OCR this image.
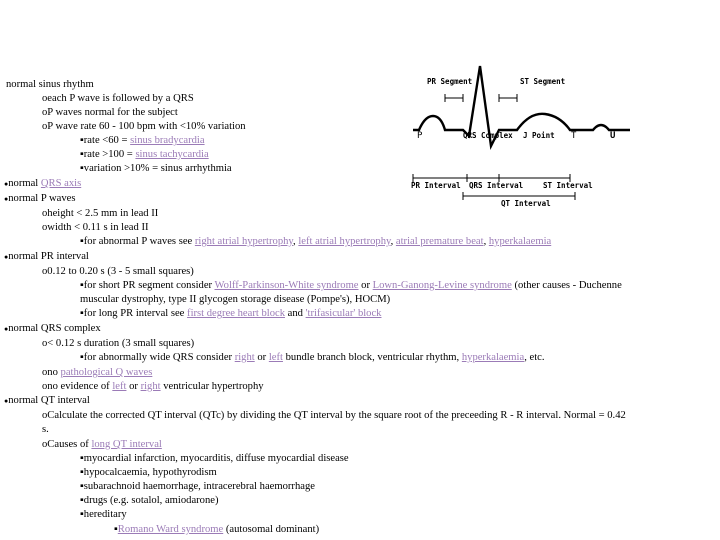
PR Segment	ST Segment
P	QRS Complex J Point T	U
PR Interval QRS Interval	ST Interval
QT Interval
normal sinus rhythm
oeach P wave is followed by a QRS
oP waves normal for the subject
oP wave rate 60 - 100 bpm with <10% variation
▪rate <60 = sinus bradycardia
▪rate >100 = sinus tachycardia
▪variation >10% = sinus arrhythmia
●normal QRS axis
●normal P waves
oheight < 2.5 mm in lead II
owidth < 0.11 s in lead II
▪for abnormal P waves see right atrial hypertrophy, left atrial hypertrophy, atrial premature beat, hyperkalaemia
●normal PR interval
o0.12 to 0.20 s (3 - 5 small squares)
▪for short PR segment consider Wolff-Parkinson-White syndrome or Lown-Ganong-Levine syndrome (other causes - Duchenne
muscular dystrophy, type II glycogen storage disease (Pompe's), HOCM)
▪for long PR interval see first degree heart block and 'trifasicular' block
●normal QRS complex
o< 0.12 s duration (3 small squares)
▪for abnormally wide QRS consider right or left bundle branch block, ventricular rhythm, hyperkalaemia, etc.
ono pathological Q waves
ono evidence of left or right ventricular hypertrophy
●normal QT interval
oCalculate the corrected QT interval (QTc) by dividing the QT interval by the square root of the preceeding R - R interval. Normal = 0.42
s.
oCauses of long QT interval
▪myocardial infarction, myocarditis, diffuse myocardial disease
▪hypocalcaemia, hypothyrodism
▪subarachnoid haemorrhage, intracerebral haemorrhage
▪drugs (e.g. sotalol, amiodarone)
▪hereditary
▪Romano Ward syndrome (autosomal dominant)
